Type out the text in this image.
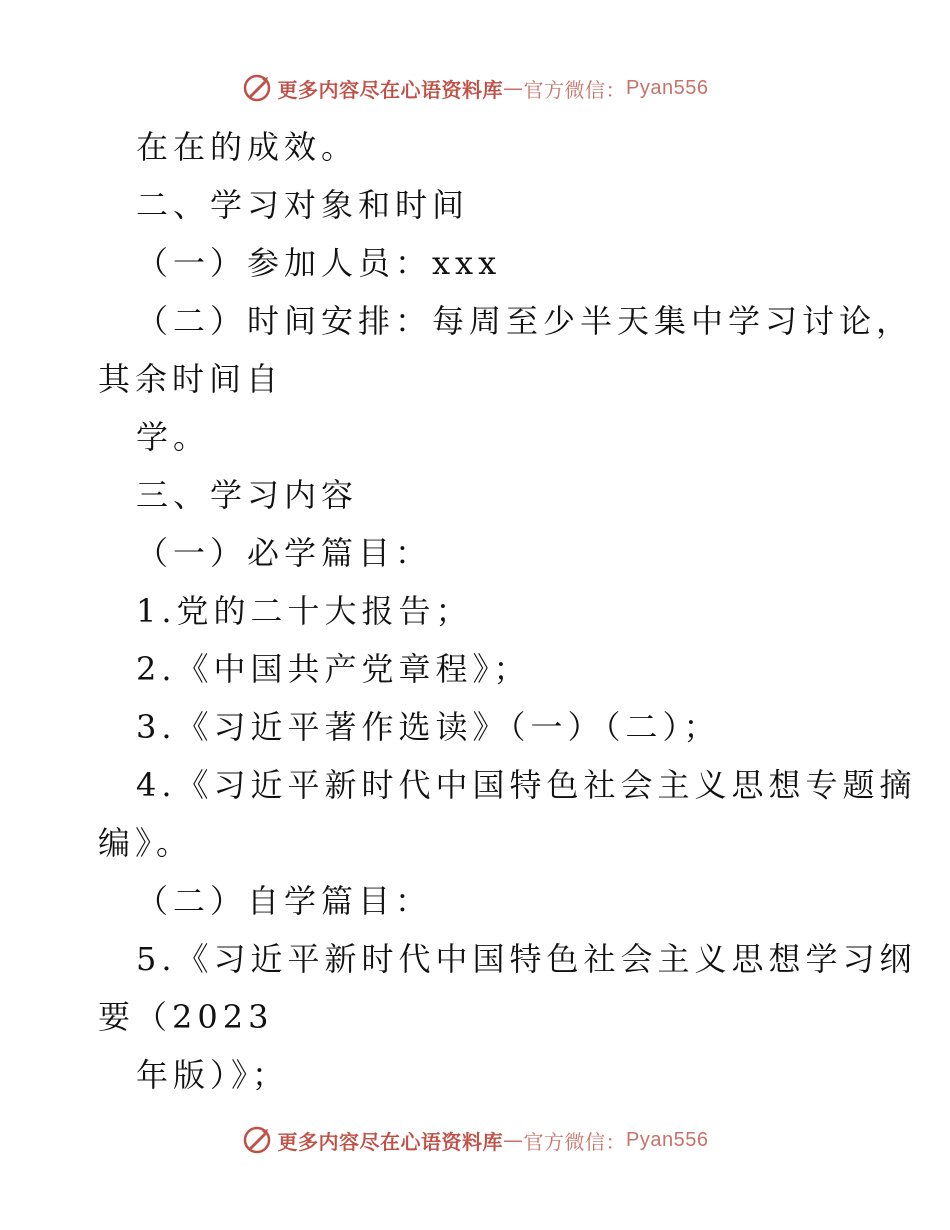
更多内容尽在心语资料库 — 官方微信： Pyan556
在在的成效。
二、学习对象和时间
（一）参加人员：xxx
（二）时间安排：每周至少半天集中学习讨论，
其余时间自
学。
三、学习内容
（一）必学篇目：
1.党的二十大报告；
2.《中国共产党章程》；
3.《习近平著作选读》（一）（二）；
4.《习近平新时代中国特色社会主义思想专题摘
编》。
（二）自学篇目：
5.《习近平新时代中国特色社会主义思想学习纲
要（2023
年版）》；
更多内容尽在心语资料库 — 官方微信： Pyan556
